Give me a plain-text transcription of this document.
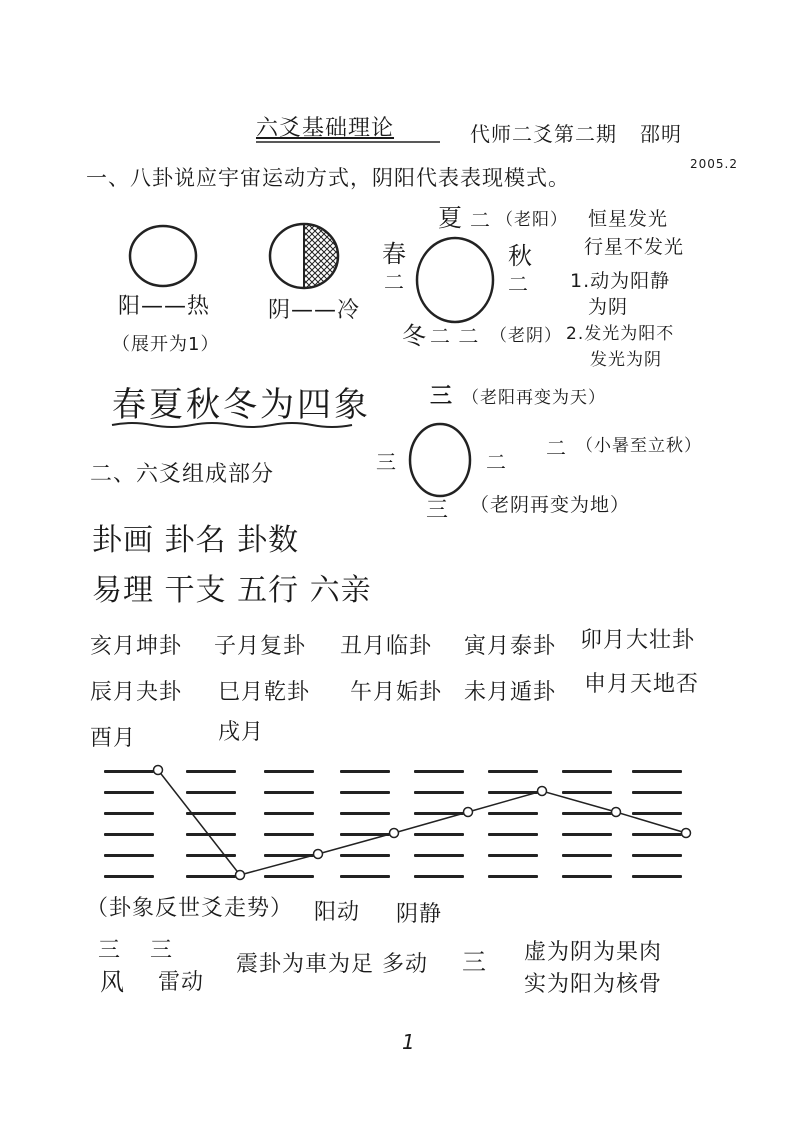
六爻基础理论	代师二爻第二期 邵明
2005.2
一、八卦说应宇宙运动方式，阴阳代表表现模式。
阳——热
（展开为1）
阴——冷
夏 二 （老阳）
春
二
秋
二
冬 二 二 （老阴）
恒星发光
行星不发光
1.动为阳静
为阴
2.发光为阳不
发光为阴
春夏秋冬为四象	三 （老阳再变为天）
三	二
二 （小暑至立秋）
三 （老阴再变为地）
二、六爻组成部分
卦画 卦名 卦数
易理 干支 五行 六亲
亥月坤卦 子月复卦 丑月临卦 寅月泰卦 卯月大壮卦
辰月夬卦 巳月乾卦 午月姤卦 未月遁卦 申月天地否
酉月	戌月
（卦象反世爻走势） 阳动 阴静
三 三
风 雷动
震卦为車为足 多动 三 虚为阴为果肉
实为阳为核骨
1
